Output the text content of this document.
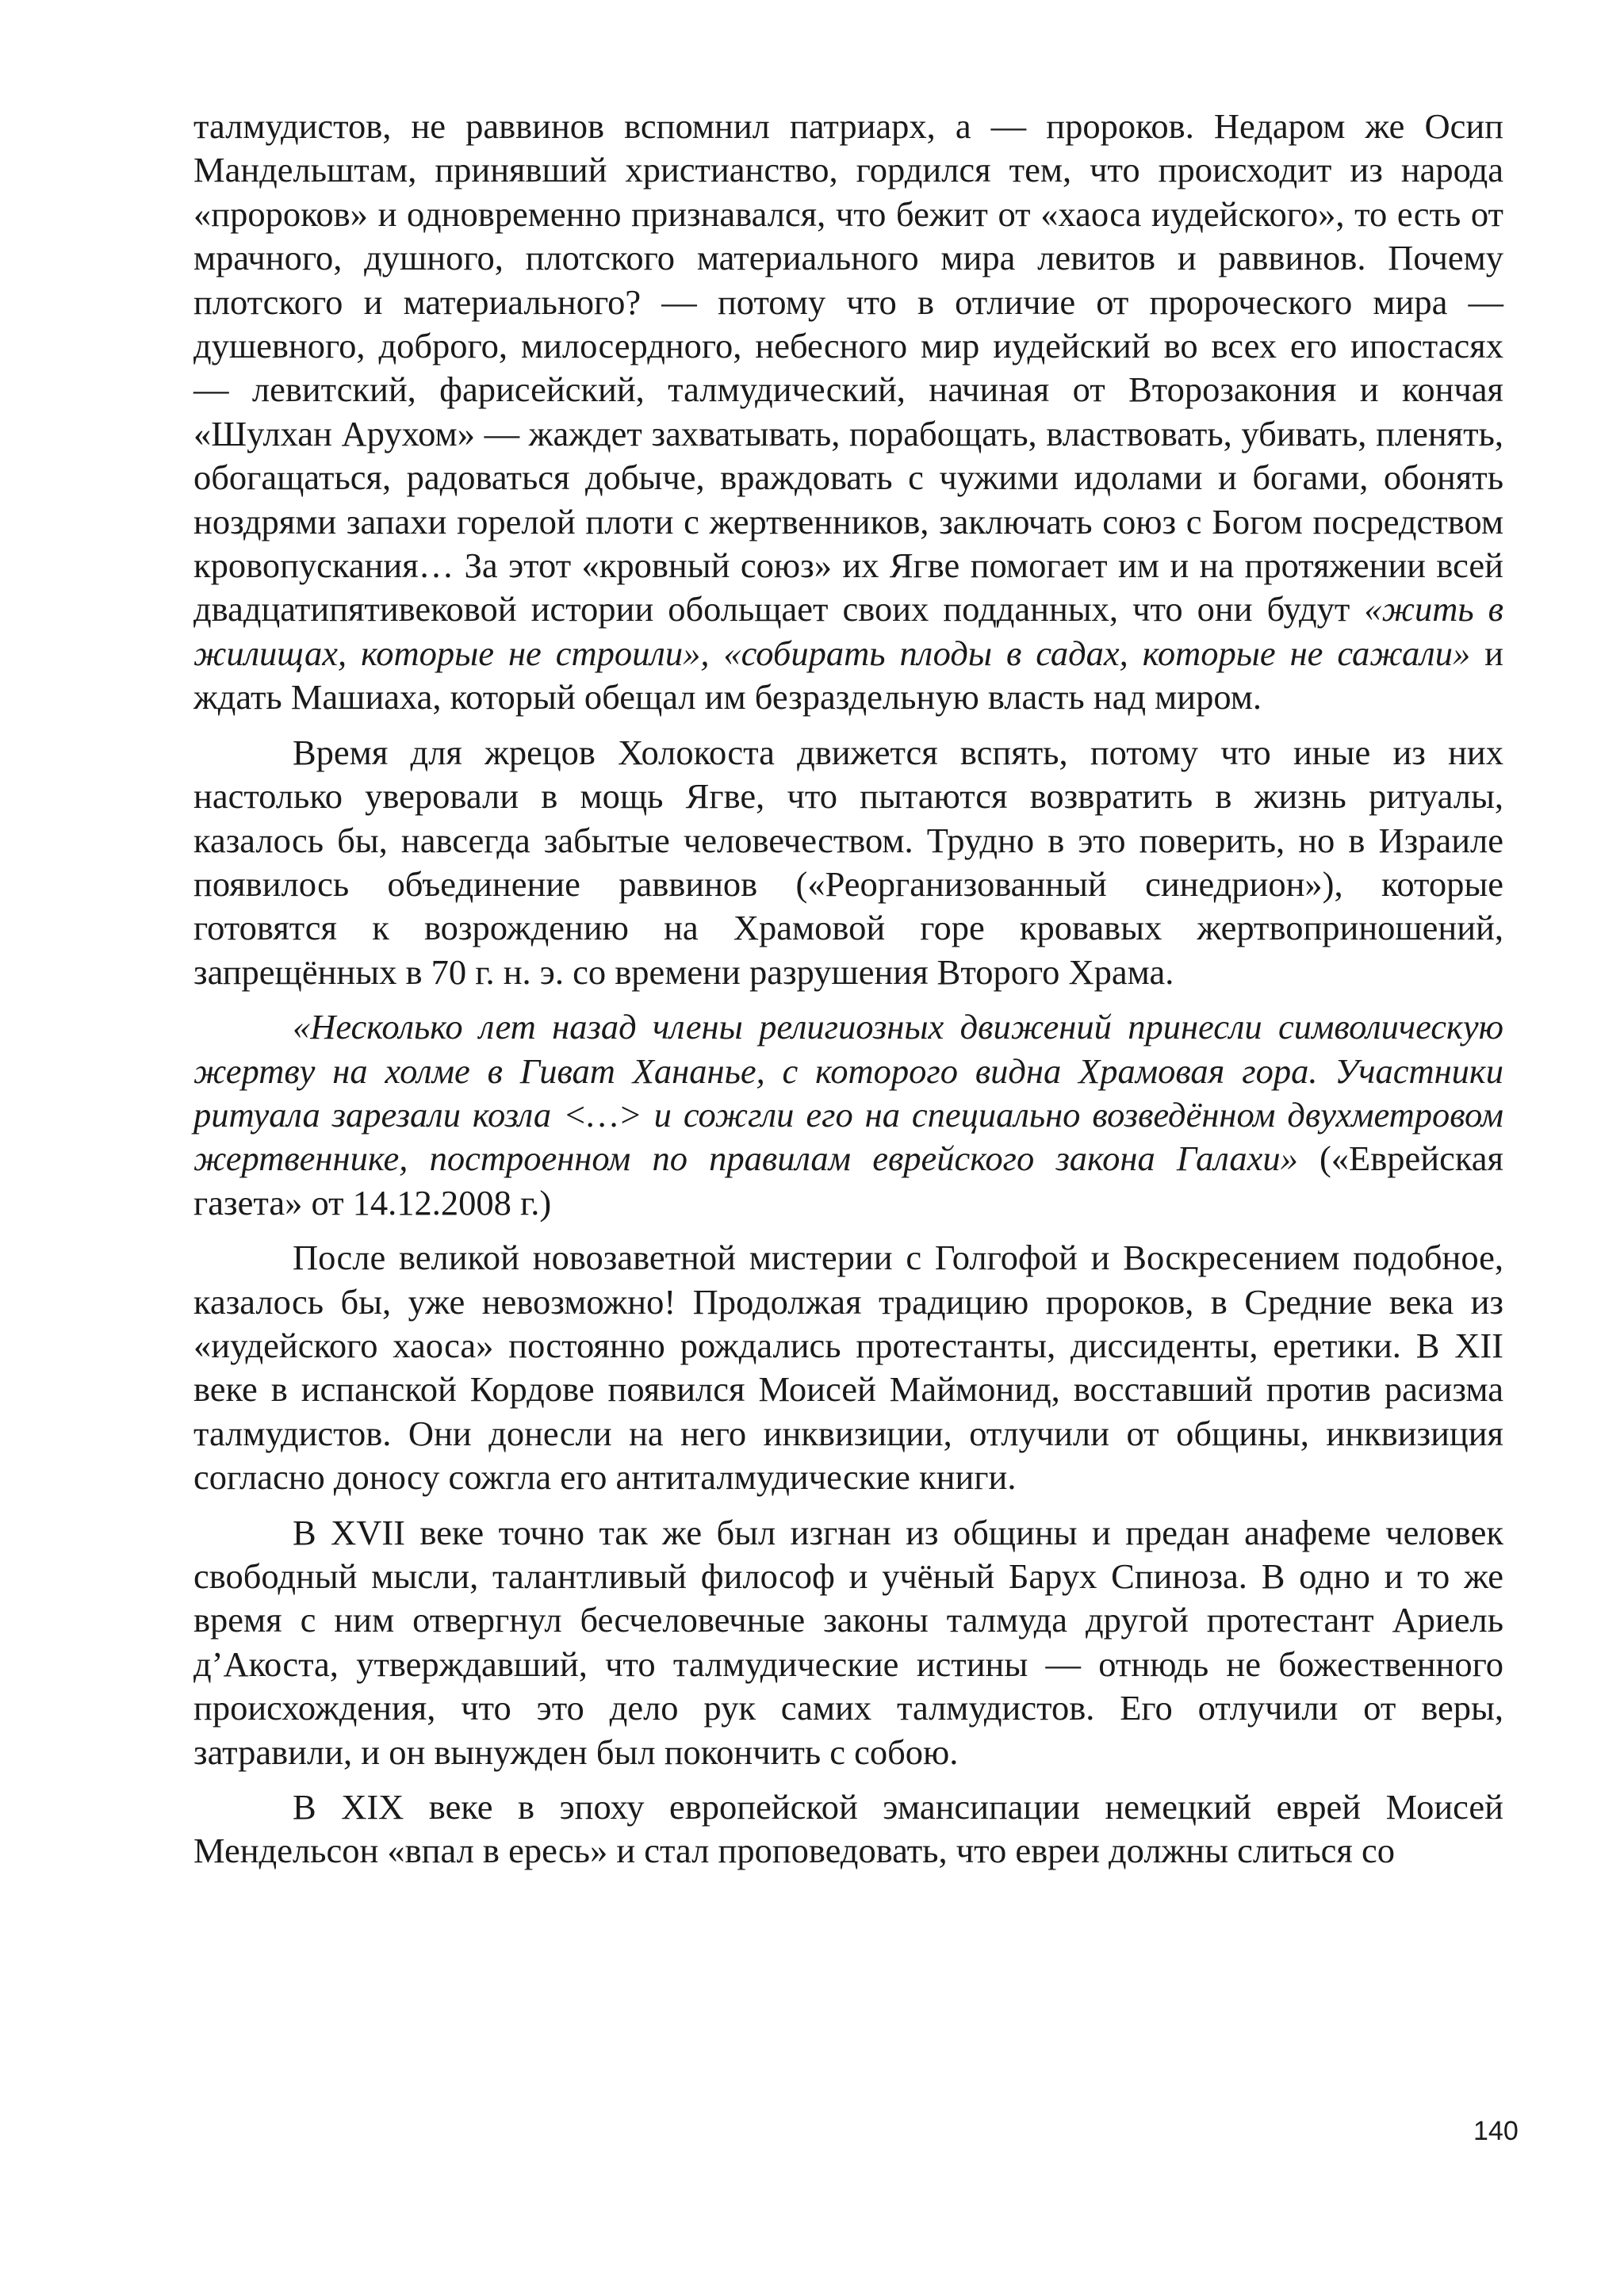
талмудистов, не раввинов вспомнил патриарх, а — пророков. Недаром же Осип Мандельштам, принявший христианство, гордился тем, что происходит из народа «пророков» и одновременно признавался, что бежит от «хаоса иудейского», то есть от мрачного, душного, плотского материального мира левитов и раввинов. Почему плотского и материального? — потому что в отличие от пророческого мира — душевного, доброго, милосердного, небесного мир иудейский во всех его ипостасях — левитский, фарисейский, талмудический, начиная от Второзакония и кончая «Шулхан Арухом» — жаждет захватывать, порабощать, властвовать, убивать, пленять, обогащаться, радоваться добыче, враждовать с чужими идолами и богами, обонять ноздрями запахи горелой плоти с жертвенников, заключать союз с Богом посредством кровопускания… За этот «кровный союз» их Ягве помогает им и на протяжении всей двадцатипятивековой истории обольщает своих подданных, что они будут «жить в жилищах, которые не строили», «собирать плоды в садах, которые не сажали» и ждать Машиаха, который обещал им безраздельную власть над миром.

Время для жрецов Холокоста движется вспять, потому что иные из них настолько уверовали в мощь Ягве, что пытаются возвратить в жизнь ритуалы, казалось бы, навсегда забытые человечеством. Трудно в это поверить, но в Израиле появилось объединение раввинов («Реорганизованный синедрион»), которые готовятся к возрождению на Храмовой горе кровавых жертвоприношений, запрещённых в 70 г. н. э. со времени разрушения Второго Храма.

«Несколько лет назад члены религиозных движений принесли символическую жертву на холме в Гиват Хананье, с которого видна Храмовая гора. Участники ритуала зарезали козла <…> и сожгли его на специально возведённом двухметровом жертвеннике, построенном по правилам еврейского закона Галахи» («Еврейская газета» от 14.12.2008 г.)

После великой новозаветной мистерии с Голгофой и Воскресением подобное, казалось бы, уже невозможно! Продолжая традицию пророков, в Средние века из «иудейского хаоса» постоянно рождались протестанты, диссиденты, еретики. В XII веке в испанской Кордове появился Моисей Маймонид, восставший против расизма талмудистов. Они донесли на него инквизиции, отлучили от общины, инквизиция согласно доносу сожгла его антиталмудические книги.

В XVII веке точно так же был изгнан из общины и предан анафеме человек свободный мысли, талантливый философ и учёный Барух Спиноза. В одно и то же время с ним отвергнул бесчеловечные законы талмуда другой протестант Ариель д’Акоста, утверждавший, что талмудические истины — отнюдь не божественного происхождения, что это дело рук самих талмудистов. Его отлучили от веры, затравили, и он вынужден был покончить с собою.

В XIX веке в эпоху европейской эмансипации немецкий еврей Моисей Мендельсон «впал в ересь» и стал проповедовать, что евреи должны слиться со

140
